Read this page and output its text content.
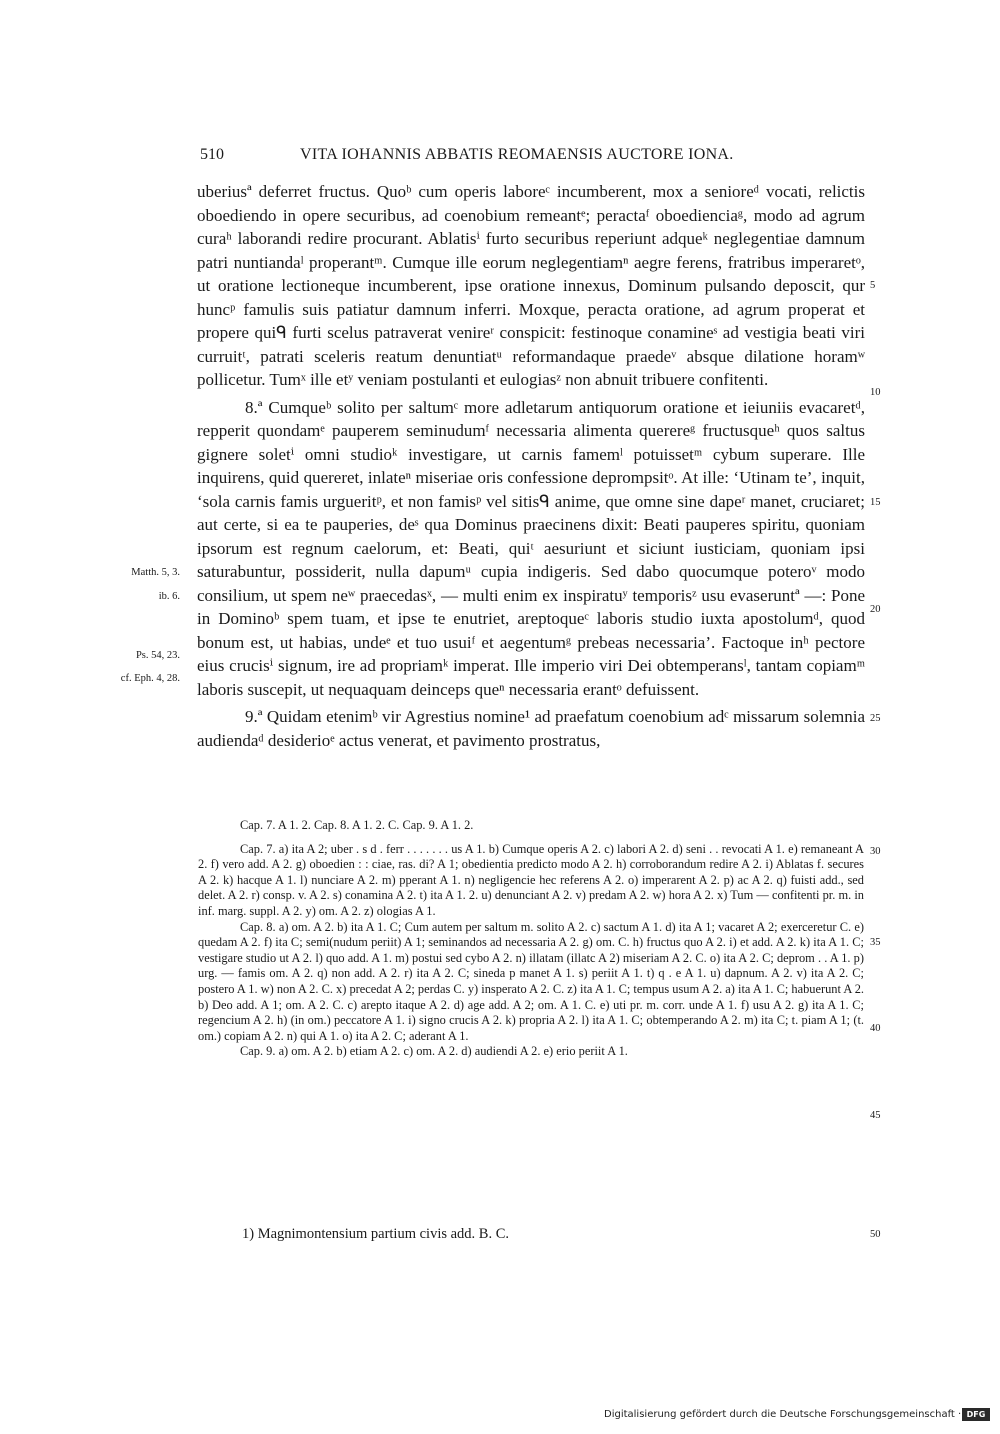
510	VITA IOHANNIS ABBATIS REOMAENSIS AUCTORE IONA.

uberiusª deferret fructus. Quoᵇ cum operis laboreᶜ incumberent, mox a senioreᵈ vocati, relictis oboediendo in opere securibus, ad coenobium remeantᵉ; peractaᶠ oboedienciaᵍ, modo ad agrum curaʰ laborandi redire procurant. Ablatisⁱ furto securibus reperiunt adqueᵏ neglegentiae damnum patri nuntiandaˡ properantᵐ. Cumque ille eorum neglegentiamⁿ aegre ferens, fratribus imperaretᵒ, ut oratione lectioneque incumberent, ipse oratione innexus, Dominum pulsando deposcit, qur huncᵖ famulis suis patiatur damnum inferri. Moxque, peracta oratione, ad agrum properat et propere quiᑫ furti scelus patraverat venireʳ conspicit: festinoque conamineˢ ad vestigia beati viri curruitᵗ, patrati sceleris reatum denuntiatᵘ reformandaque praedeᵛ absque dilatione horamʷ pollicetur. Tumˣ ille etʸ veniam postulanti et eulogiasᶻ non abnuit tribuere confitenti.

8.ª Cumqueᵇ solito per saltumᶜ more adletarum antiquorum oratione et ieiuniis evacaretᵈ, repperit quondamᵉ pauperem seminudumᶠ necessaria alimenta querereᵍ fructusqueʰ quos saltus gignere soletⁱ omni studioᵏ investigare, ut carnis famemˡ potuissetᵐ cybum superare. Ille inquirens, quid quereret, inlateⁿ miseriae oris confessione deprompsitᵒ. At ille: ‘Utinam te’, inquit, ‘sola carnis famis urgueritᵖ, et non famisᵖ vel sitisᑫ anime, que omne sine dapeʳ manet, cruciaret; aut certe, si ea te pauperies, deˢ qua Dominus praecinens dixit: Beati pauperes spiritu, quoniam ipsorum est regnum caelorum, et: Beati, quiᵗ aesuriunt et siciunt iusticiam, quoniam ipsi saturabuntur, possiderit, nulla dapumᵘ cupia indigeris. Sed dabo quocumque poteroᵛ modo consilium, ut spem neʷ praecedasˣ, — multi enim ex inspiratuʸ temporisᶻ usu evaseruntª —: Pone in Dominoᵇ spem tuam, et ipse te enutriet, areptoqueᶜ laboris studio iuxta apostolumᵈ, quod bonum est, ut habias, undeᵉ et tuo usuiᶠ et aegentumᵍ prebeas necessaria’. Factoque inʰ pectore eius crucisⁱ signum, ire ad propriamᵏ imperat. Ille imperio viri Dei obtemperansˡ, tantam copiamᵐ laboris suscepit, ut nequaquam deinceps queⁿ necessaria erantᵒ defuissent.

9.ª Quidam etenimᵇ vir Agrestius nomine¹ ad praefatum coenobium adᶜ missarum solemnia audiendaᵈ desiderioᵉ actus venerat, et pavimento prostratus,

Matth. 5, 3.
ib. 6.
Ps. 54, 23.
cf. Eph. 4, 28.
5
10
15
20
25
30
35
40
45
50

Cap. 7. A 1. 2. Cap. 8. A 1. 2. C. Cap. 9. A 1. 2.

Cap. 7. a) ita A 2; uber . s d . ferr . . . . . . . us A 1. b) Cumque operis A 2. c) labori A 2. d) seni . . revocati A 1. e) remaneant A 2. f) vero add. A 2. g) oboedien : : ciae, ras. di? A 1; obedientia predicto modo A 2. h) corroborandum redire A 2. i) Ablatas f. secures A 2. k) hacque A 1. l) nunciare A 2. m) pperant A 1. n) negligencie hec referens A 2. o) imperarent A 2. p) ac A 2. q) fuisti add., sed delet. A 2. r) consp. v. A 2. s) conamina A 2. t) ita A 1. 2. u) denunciant A 2. v) predam A 2. w) hora A 2. x) Tum — confitenti pr. m. in inf. marg. suppl. A 2. y) om. A 2. z) ologias A 1.

Cap. 8. a) om. A 2. b) ita A 1. C; Cum autem per saltum m. solito A 2. c) sactum A 1. d) ita A 1; vacaret A 2; exerceretur C. e) quedam A 2. f) ita C; semi(nudum periit) A 1; seminandos ad necessaria A 2. g) om. C. h) fructus quo A 2. i) et add. A 2. k) ita A 1. C; vestigare studio ut A 2. l) quo add. A 1. m) postui sed cybo A 2. n) illatam (illatc A 2) miseriam A 2. C. o) ita A 2. C; deprom . . A 1. p) urg. — famis om. A 2. q) non add. A 2. r) ita A 2. C; sineda p manet A 1. s) periit A 1. t) q . e A 1. u) dapnum. A 2. v) ita A 2. C; postero A 1. w) non A 2. C. x) precedat A 2; perdas C. y) insperato A 2. C. z) ita A 1. C; tempus usum A 2. a) ita A 1. C; habuerunt A 2. b) Deo add. A 1; om. A 2. C. c) arepto itaque A 2. d) age add. A 2; om. A 1. C. e) uti pr. m. corr. unde A 1. f) usu A 2. g) ita A 1. C; regencium A 2. h) (in om.) peccatore A 1. i) signo crucis A 2. k) propria A 2. l) ita A 1. C; obtemperando A 2. m) ita C; t. piam A 1; (t. om.) copiam A 2. n) qui A 1. o) ita A 2. C; aderant A 1.

Cap. 9. a) om. A 2. b) etiam A 2. c) om. A 2. d) audiendi A 2. e) erio periit A 1.

1) Magnimontensium partium civis add. B. C.
Digitalisierung gefördert durch die Deutsche Forschungsgemeinschaft · DFG
